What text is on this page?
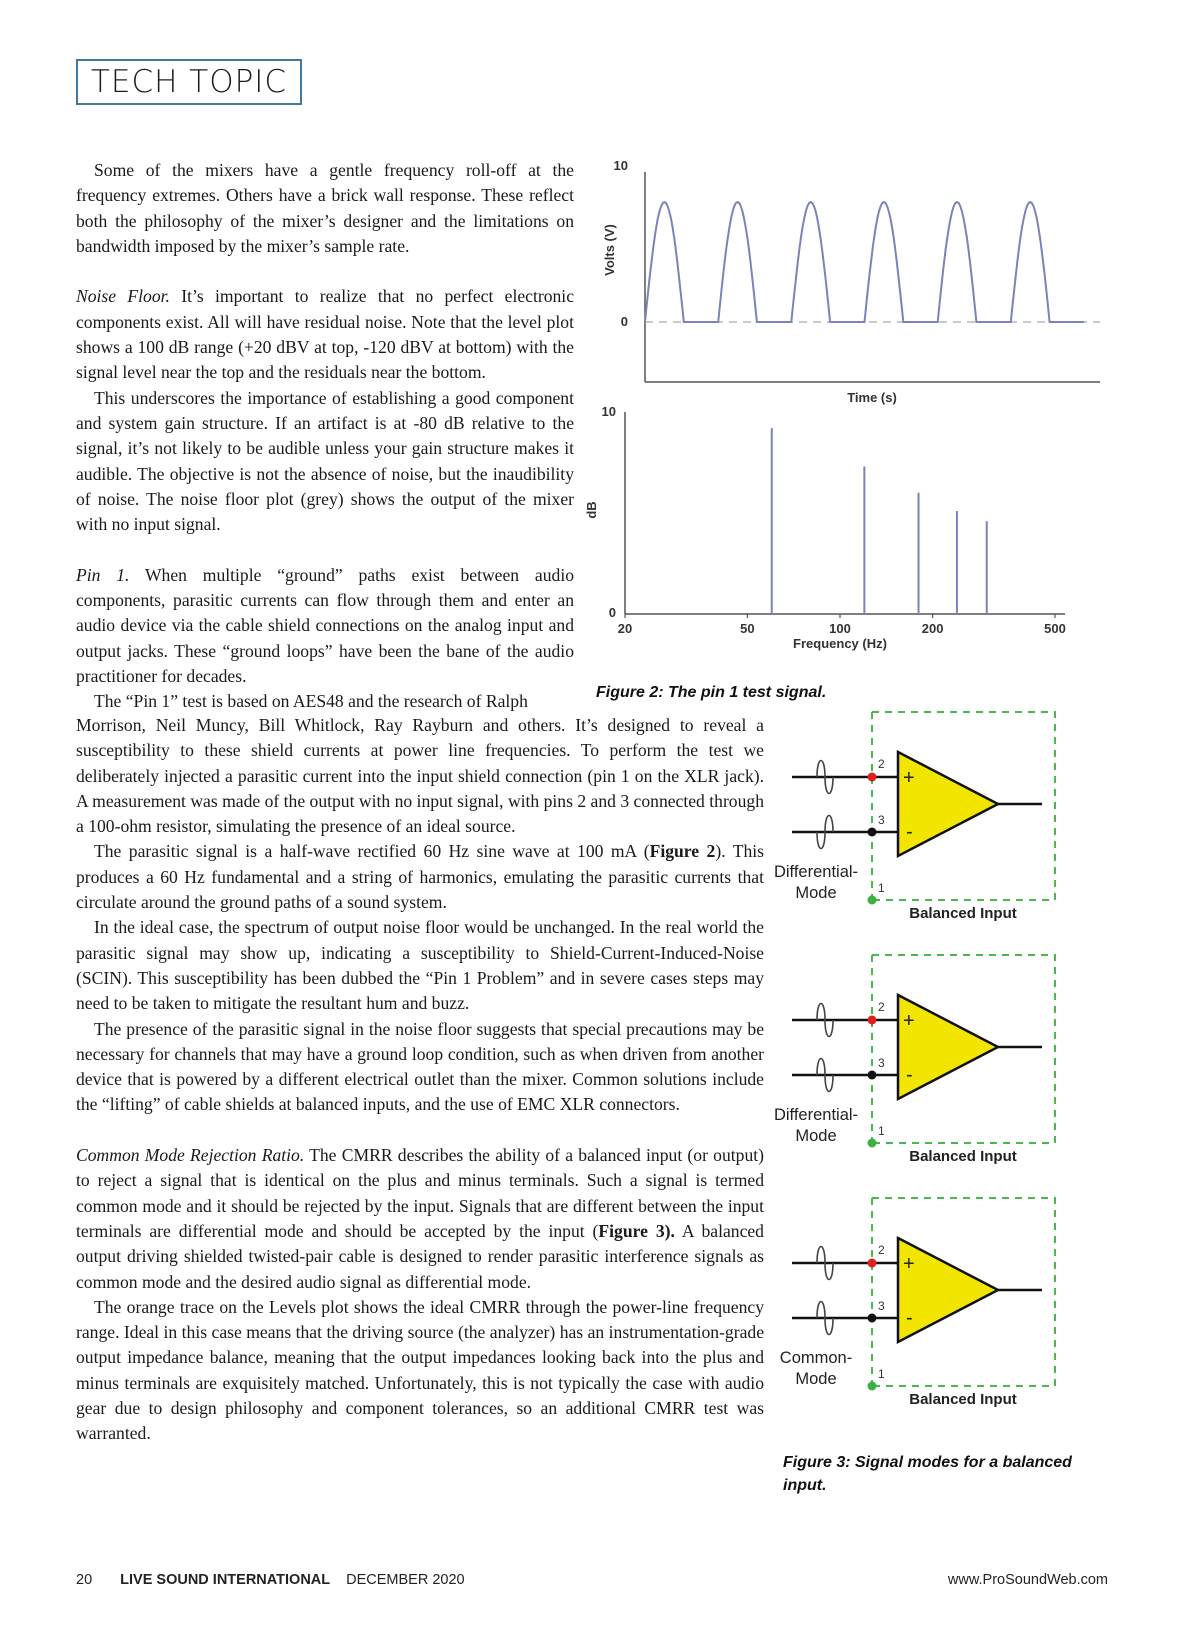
TECH TOPIC

Some of the mixers have a gentle frequency roll-off at the frequency extremes. Others have a brick wall response. These reflect both the philosophy of the mixer’s designer and the limitations on bandwidth imposed by the mixer’s sample rate.

Noise Floor. It’s important to realize that no perfect electronic components exist. All will have residual noise. Note that the level plot shows a 100 dB range (+20 dBV at top, -120 dBV at bottom) with the signal level near the top and the residuals near the bottom.

This underscores the importance of establishing a good component and system gain structure. If an artifact is at -80 dB relative to the signal, it’s not likely to be audible unless your gain structure makes it audible. The objective is not the absence of noise, but the inaudibility of noise. The noise floor plot (grey) shows the output of the mixer with no input signal.

Pin 1. When multiple “ground” paths exist between audio components, parasitic currents can flow through them and enter an audio device via the cable shield connections on the analog input and output jacks. These “ground loops” have been the bane of the audio practitioner for decades.

The “Pin 1” test is based on AES48 and the research of Ralph

Morrison, Neil Muncy, Bill Whitlock, Ray Rayburn and others. It’s designed to reveal a susceptibility to these shield currents at power line frequencies. To perform the test we deliberately injected a parasitic current into the input shield connection (pin 1 on the XLR jack). A measurement was made of the output with no input signal, with pins 2 and 3 connected through a 100-ohm resistor, simulating the presence of an ideal source.

The parasitic signal is a half-wave rectified 60 Hz sine wave at 100 mA (Figure 2). This produces a 60 Hz fundamental and a string of harmonics, emulating the parasitic currents that circulate around the ground paths of a sound system.

In the ideal case, the spectrum of output noise floor would be unchanged. In the real world the parasitic signal may show up, indicating a susceptibility to Shield-Current-Induced-Noise (SCIN). This susceptibility has been dubbed the “Pin 1 Problem” and in severe cases steps may need to be taken to mitigate the resultant hum and buzz.

The presence of the parasitic signal in the noise floor suggests that special precautions may be necessary for channels that may have a ground loop condition, such as when driven from another device that is powered by a different electrical outlet than the mixer. Common solutions include the “lifting” of cable shields at balanced inputs, and the use of EMC XLR connectors.

Common Mode Rejection Ratio. The CMRR describes the ability of a balanced input (or output) to reject a signal that is identical on the plus and minus terminals. Such a signal is termed common mode and it should be rejected by the input. Signals that are different between the input terminals are differential mode and should be accepted by the input (Figure 3). A balanced output driving shielded twisted-pair cable is designed to render parasitic interference signals as common mode and the desired audio signal as differential mode.

The orange trace on the Levels plot shows the ideal CMRR through the power-line frequency range. Ideal in this case means that the driving source (the analyzer) has an instrumentation-grade output impedance balance, meaning that the output impedances looking back into the plus and minus terminals are exquisitely matched. Unfortunately, this is not typically the case with audio gear due to design philosophy and component tolerances, so an additional CMRR test was warranted.

10
0
Volts (V)
Time (s)
10
0
dB
20	50	100	200	500
Frequency (Hz)
Figure 2: The pin 1 test signal.
2
3
1
+
-
Differential-
Mode
Balanced Input
2
3
1
+
-
Differential-
Mode
Balanced Input
2
3
1
+
-
Common-
Mode
Balanced Input
Figure 3: Signal modes for a balanced input.
20 LIVE SOUND INTERNATIONAL DECEMBER 2020	www.ProSoundWeb.com
